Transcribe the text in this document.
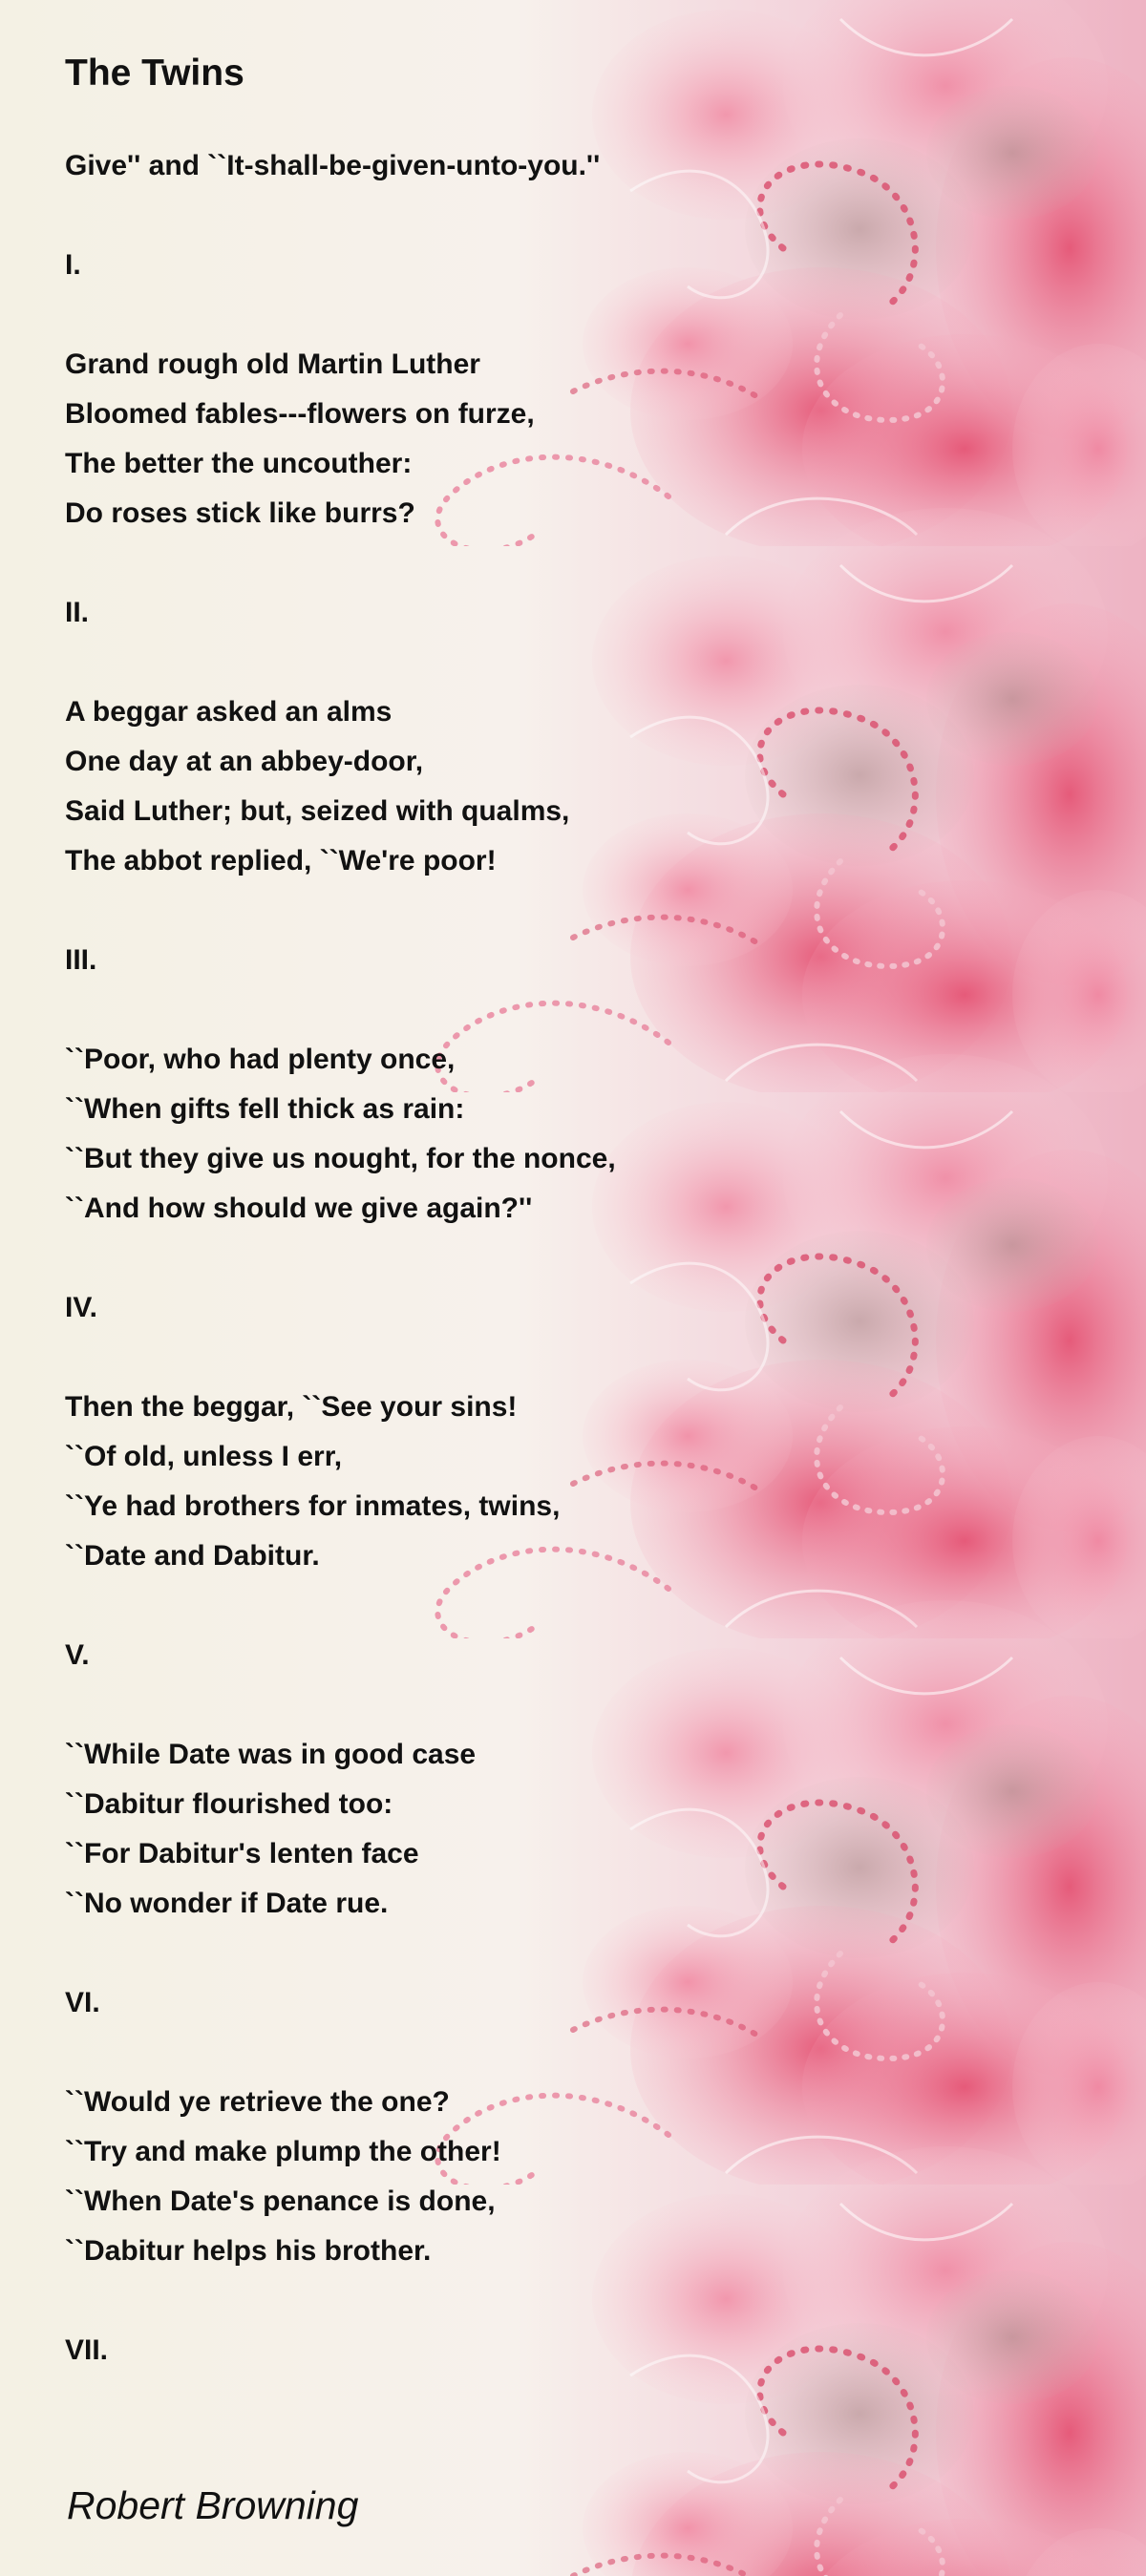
The Twins

Give'' and ``It-shall-be-given-unto-you.''

I.

Grand rough old Martin Luther

Bloomed fables---flowers on furze,

The better the uncouther:

Do roses stick like burrs?

II.

A beggar asked an alms

One day at an abbey-door,

Said Luther; but, seized with qualms,

The abbot replied, ``We're poor!

III.

``Poor, who had plenty once,

``When gifts fell thick as rain:

``But they give us nought, for the nonce,

``And how should we give again?''

IV.

Then the beggar, ``See your sins!

``Of old, unless I err,

``Ye had brothers for inmates, twins,

``Date and Dabitur.

V.

``While Date was in good case

``Dabitur flourished too:

``For Dabitur's lenten face

``No wonder if Date rue.

VI.

``Would ye retrieve the one?

``Try and make plump the other!

``When Date's penance is done,

``Dabitur helps his brother.

VII.

Robert Browning
